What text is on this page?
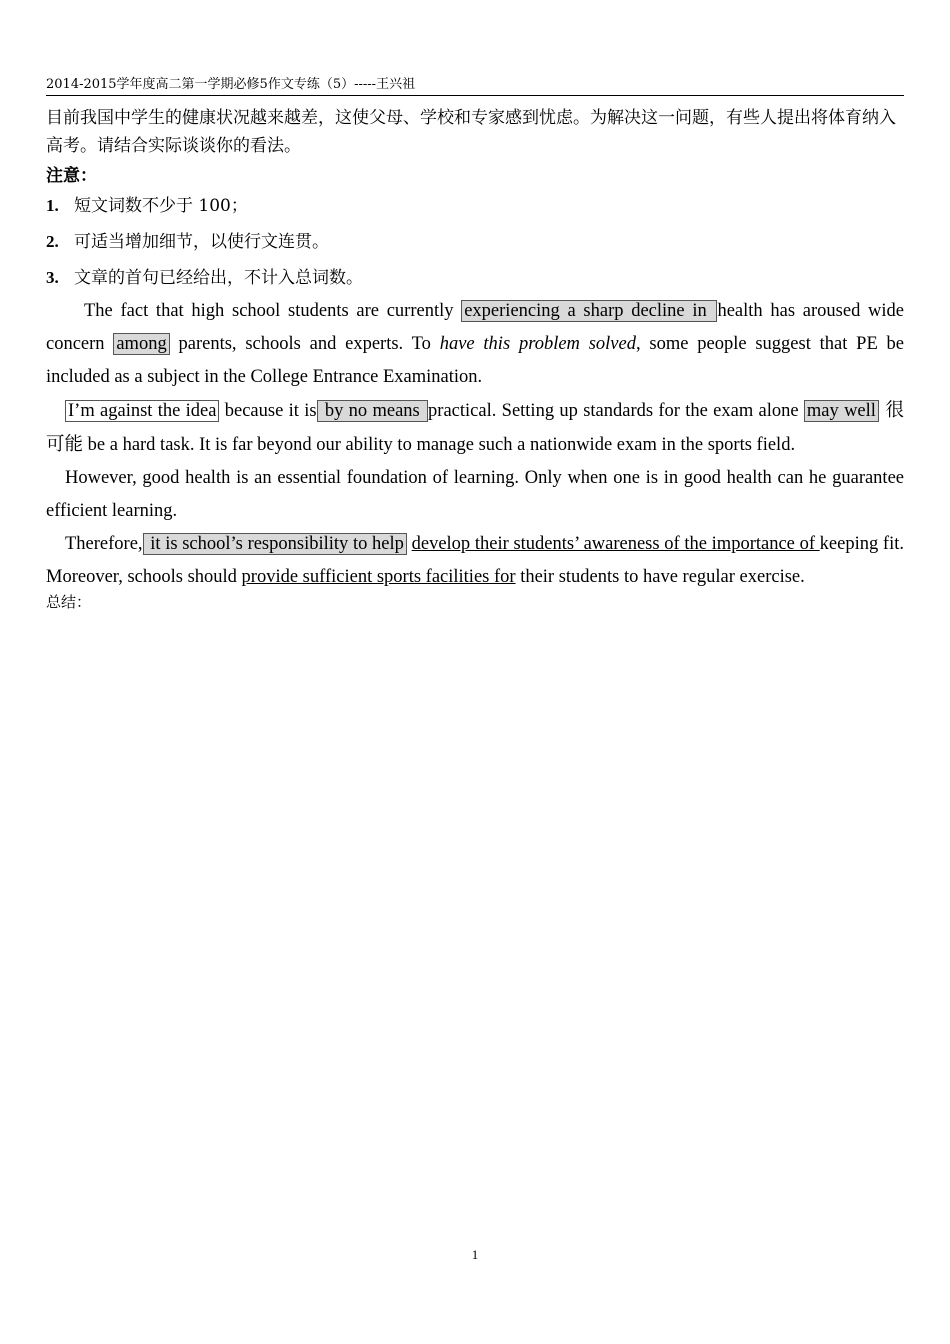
2014-2015学年度高二第一学期必修5作文专练（5）-----王兴祖
目前我国中学生的健康状况越来越差，这使父母、学校和专家感到忧虑。为解决这一问题，有些人提出将体育纳入高考。请结合实际谈谈你的看法。
注意：
1. 短文词数不少于 100；
2. 可适当增加细节，以使行文连贯。
3. 文章的首句已经给出，不计入总词数。

The fact that high school students are currently experiencing a sharp decline in health has aroused wide concern among parents, schools and experts. To have this problem solved, some people suggest that PE be included as a subject in the College Entrance Examination.

I’m against the idea because it is by no means practical. Setting up standards for the exam alone may well 很可能 be a hard task. It is far beyond our ability to manage such a nationwide exam in the sports field.

However, good health is an essential foundation of learning. Only when one is in good health can he guarantee efficient learning.

Therefore, it is school’s responsibility to help develop their students’ awareness of the importance of keeping fit. Moreover, schools should provide sufficient sports facilities for their students to have regular exercise.

总结：
1
